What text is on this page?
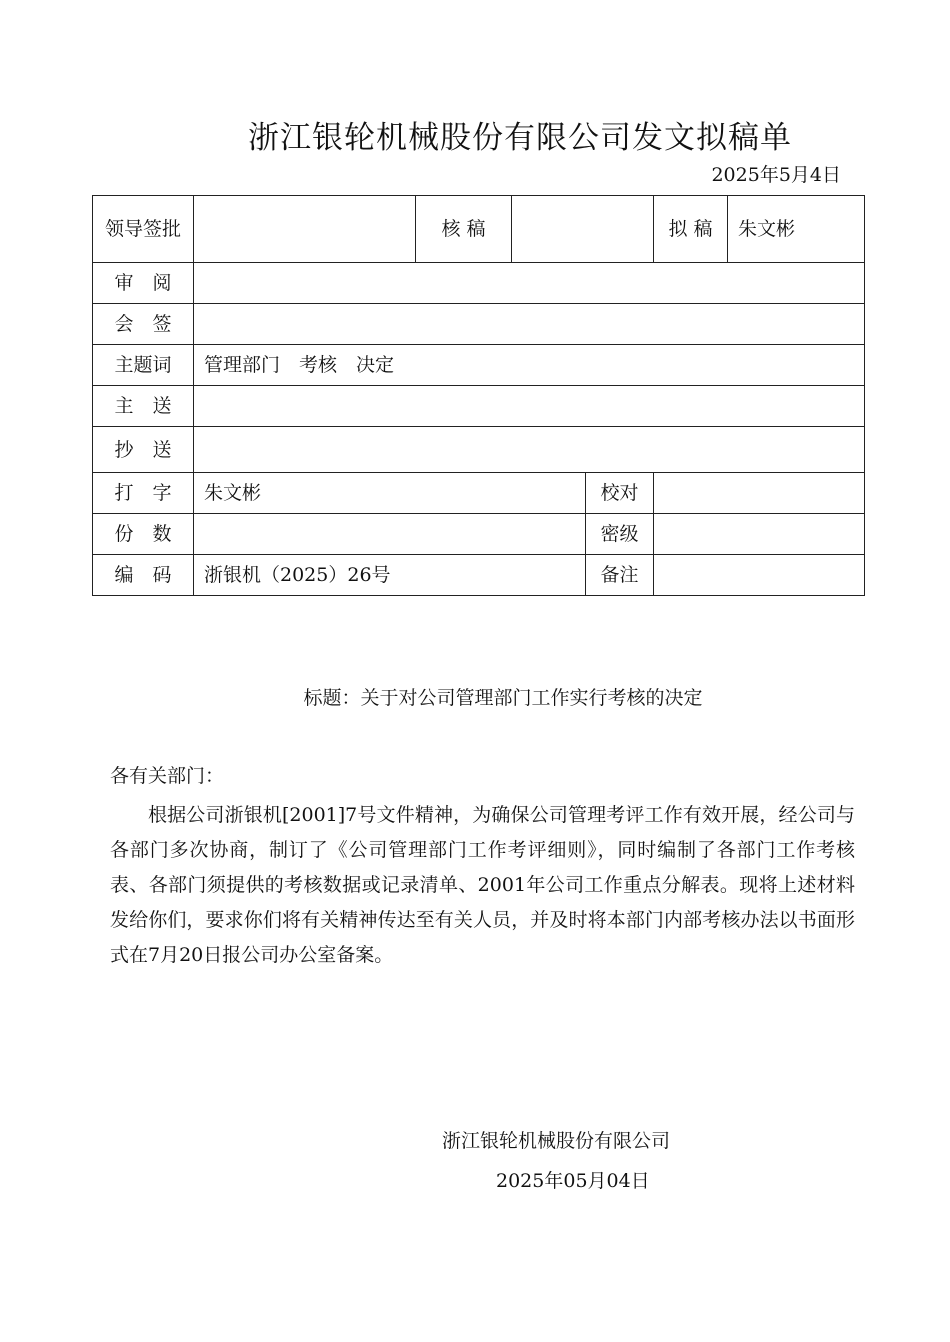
浙江银轮机械股份有限公司发文拟稿单
2025年5月4日
领导签批		核 稿			拟 稿	朱文彬
审　阅						
会　签						
主题词	管理部门　考核　决定					
主　送						
抄　送						
打　字	朱文彬			校对		
份　数				密级		
编　码	浙银机（2025）26号			备注		
标题：关于对公司管理部门工作实行考核的决定

各有关部门：

根据公司浙银机[2001]7号文件精神，为确保公司管理考评工作有效开展，经公司与各部门多次协商，制订了《公司管理部门工作考评细则》，同时编制了各部门工作考核表、各部门须提供的考核数据或记录清单、2001年公司工作重点分解表。现将上述材料发给你们，要求你们将有关精神传达至有关人员，并及时将本部门内部考核办法以书面形式在7月20日报公司办公室备案。

浙江银轮机械股份有限公司
2025年05月04日
